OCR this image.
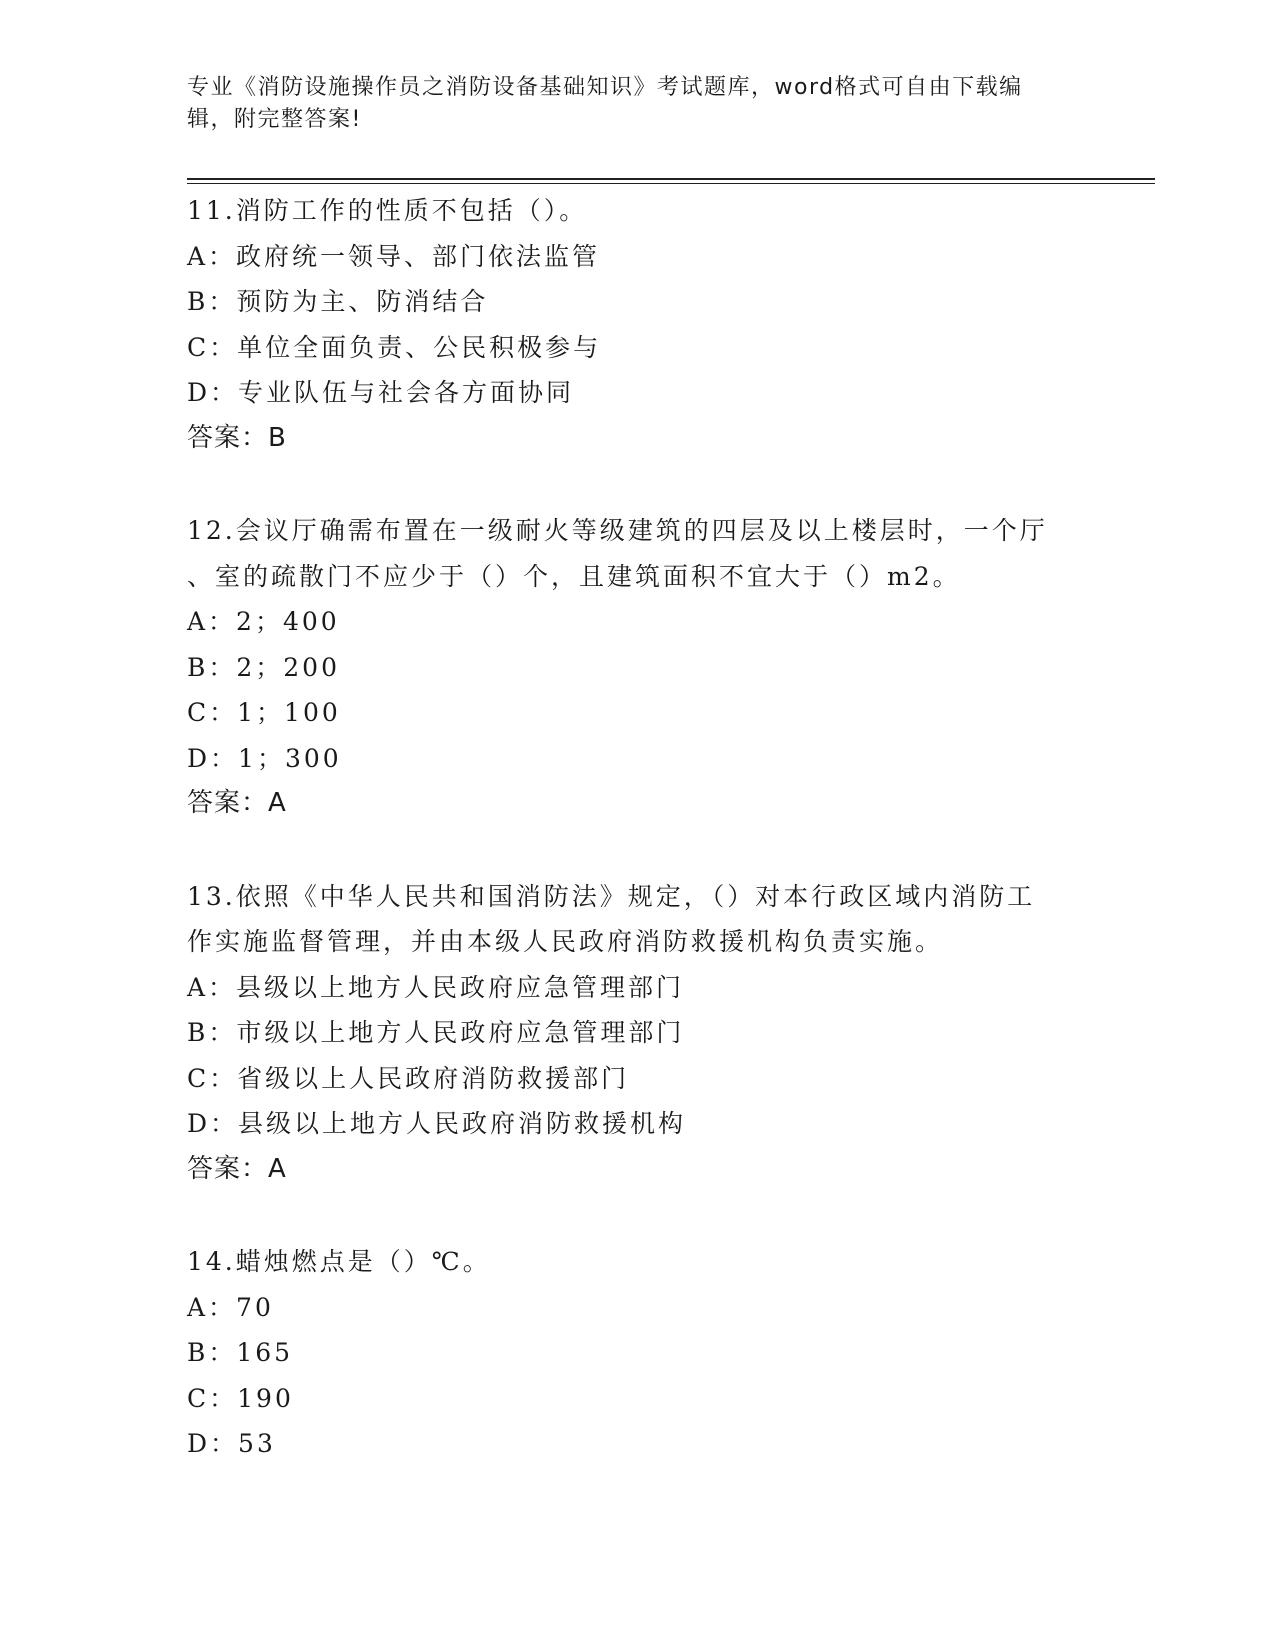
专业《消防设施操作员之消防设备基础知识》考试题库，word格式可自由下载编
辑，附完整答案!
11.消防工作的性质不包括（）。
A：政府统一领导、部门依法监管
B：预防为主、防消结合
C：单位全面负责、公民积极参与
D：专业队伍与社会各方面协同
答案：B
12.会议厅确需布置在一级耐火等级建筑的四层及以上楼层时，一个厅
、室的疏散门不应少于（）个，且建筑面积不宜大于（）m2。
A：2；400
B：2；200
C：1；100
D：1；300
答案：A
13.依照《中华人民共和国消防法》规定，（）对本行政区域内消防工
作实施监督管理，并由本级人民政府消防救援机构负责实施。
A：县级以上地方人民政府应急管理部门
B：市级以上地方人民政府应急管理部门
C：省级以上人民政府消防救援部门
D：县级以上地方人民政府消防救援机构
答案：A
14.蜡烛燃点是（）℃。
A：70
B：165
C：190
D：53
